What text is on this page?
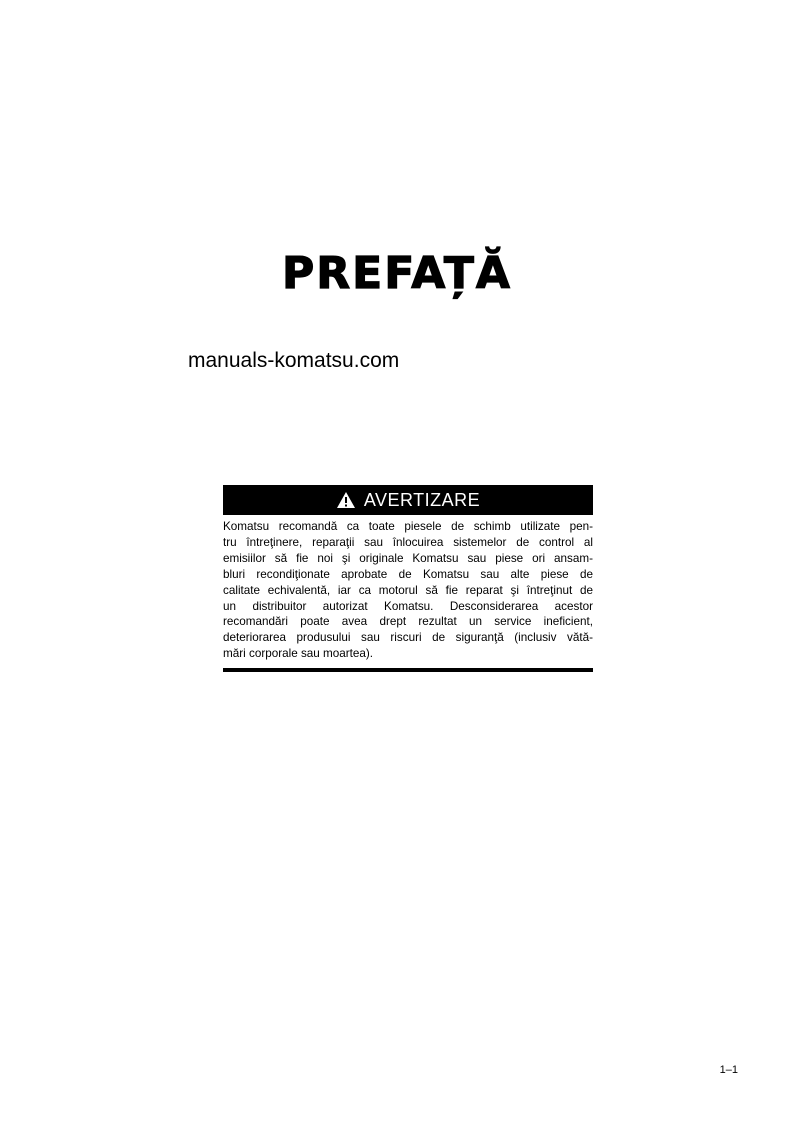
PREFAȚĂ
manuals-komatsu.com
AVERTIZARE
Komatsu recomandă ca toate piesele de schimb utilizate pen-
tru întreţinere, reparaţii sau înlocuirea sistemelor de control al
emisiilor să fie noi şi originale Komatsu sau piese ori ansam-
bluri recondiţionate aprobate de Komatsu sau alte piese de
calitate echivalentă, iar ca motorul să fie reparat şi întreţinut de
un distribuitor autorizat Komatsu. Desconsiderarea acestor
recomandări poate avea drept rezultat un service ineficient,
deteriorarea produsului sau riscuri de siguranţă (inclusiv vătă-
mări corporale sau moartea).
1–1
